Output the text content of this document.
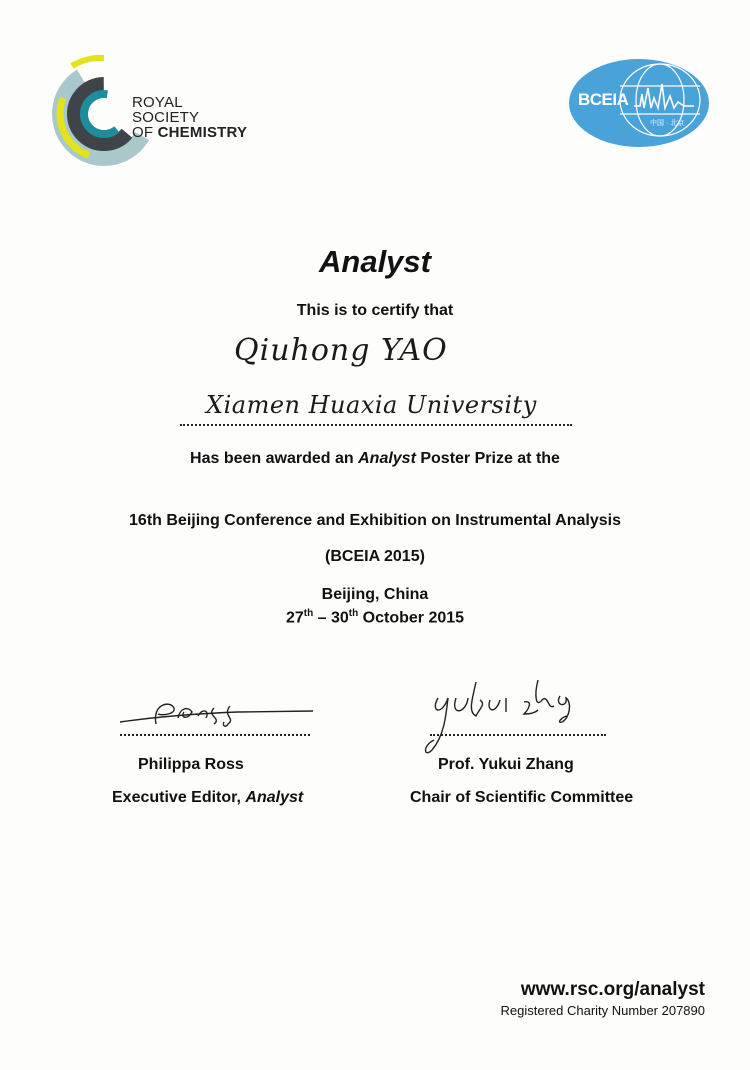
ROYAL SOCIETY
OF CHEMISTRY
BCEIA
中国 · 北京
Analyst
This is to certify that
Qiuhong YAO
Xiamen Huaxia University
Has been awarded an Analyst Poster Prize at the
16th Beijing Conference and Exhibition on Instrumental Analysis
(BCEIA 2015)
Beijing, China
27th – 30th October 2015
Philippa Ross
Executive Editor, Analyst
Prof. Yukui Zhang
Chair of Scientific Committee
www.rsc.org/analyst
Registered Charity Number 207890
